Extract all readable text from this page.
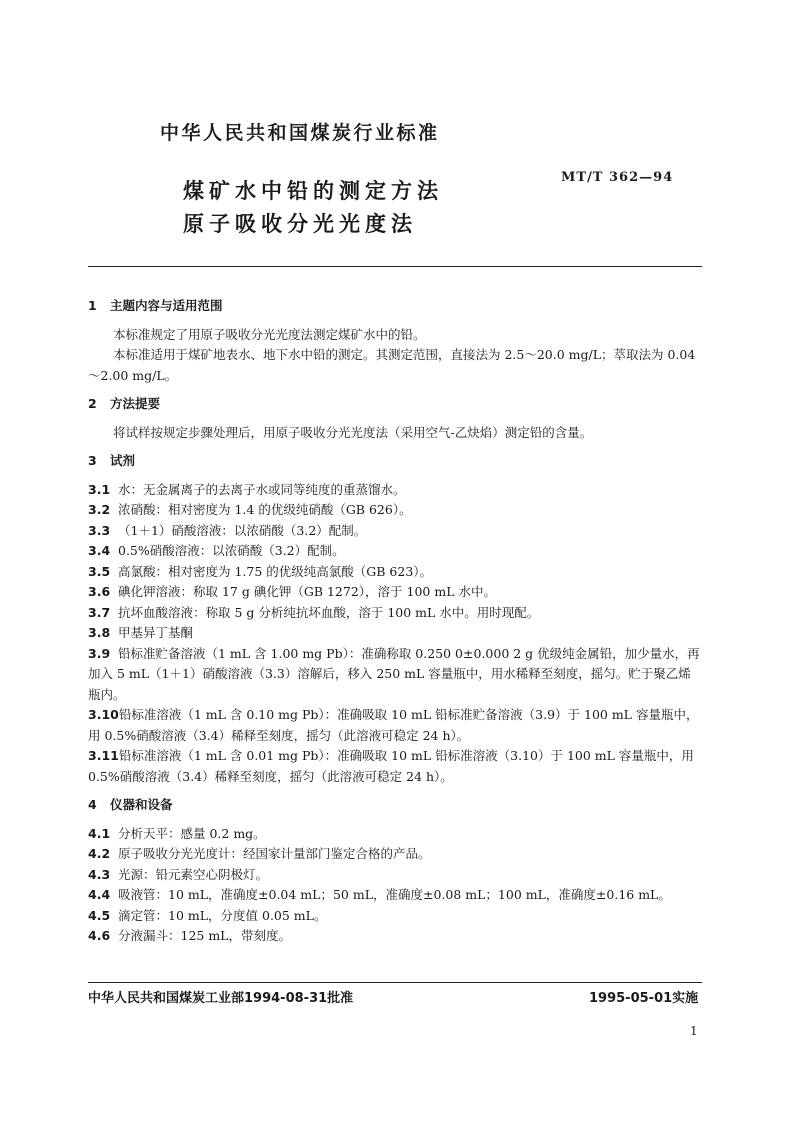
中华人民共和国煤炭行业标准

煤矿水中铅的测定方法

原子吸收分光光度法

MT/T 362—94

1 主题内容与适用范围

本标准规定了用原子吸收分光光度法测定煤矿水中的铅。

本标准适用于煤矿地表水、地下水中铅的测定。其测定范围，直接法为 2.5～20.0 mg/L；萃取法为 0.04～2.00 mg/L。

2 方法提要

将试样按规定步骤处理后，用原子吸收分光光度法（采用空气-乙炔焰）测定铅的含量。

3 试剂

3.1 水：无金属离子的去离子水或同等纯度的重蒸馏水。

3.2 浓硝酸：相对密度为 1.4 的优级纯硝酸（GB 626）。

3.3 （1＋1）硝酸溶液：以浓硝酸（3.2）配制。

3.4 0.5%硝酸溶液：以浓硝酸（3.2）配制。

3.5 高氯酸：相对密度为 1.75 的优级纯高氯酸（GB 623）。

3.6 碘化钾溶液：称取 17 g 碘化钾（GB 1272），溶于 100 mL 水中。

3.7 抗坏血酸溶液：称取 5 g 分析纯抗坏血酸，溶于 100 mL 水中。用时现配。

3.8 甲基异丁基酮

3.9 铅标准贮备溶液（1 mL 含 1.00 mg Pb）：准确称取 0.250 0±0.000 2 g 优级纯金属铅，加少量水，再加入 5 mL（1＋1）硝酸溶液（3.3）溶解后，移入 250 mL 容量瓶中，用水稀释至刻度，摇匀。贮于聚乙烯瓶内。

3.10铅标准溶液（1 mL 含 0.10 mg Pb）：准确吸取 10 mL 铅标准贮备溶液（3.9）于 100 mL 容量瓶中，用 0.5%硝酸溶液（3.4）稀释至刻度，摇匀（此溶液可稳定 24 h）。

3.11铅标准溶液（1 mL 含 0.01 mg Pb）：准确吸取 10 mL 铅标准溶液（3.10）于 100 mL 容量瓶中，用 0.5%硝酸溶液（3.4）稀释至刻度，摇匀（此溶液可稳定 24 h）。

4 仪器和设备

4.1 分析天平：感量 0.2 mg。

4.2 原子吸收分光光度计：经国家计量部门鉴定合格的产品。

4.3 光源：铅元素空心阴极灯。

4.4 吸液管：10 mL，准确度±0.04 mL；50 mL，准确度±0.08 mL；100 mL，准确度±0.16 mL。

4.5 滴定管：10 mL，分度值 0.05 mL。

4.6 分液漏斗：125 mL，带刻度。

中华人民共和国煤炭工业部1994-08-31批准	1995-05-01实施

1
